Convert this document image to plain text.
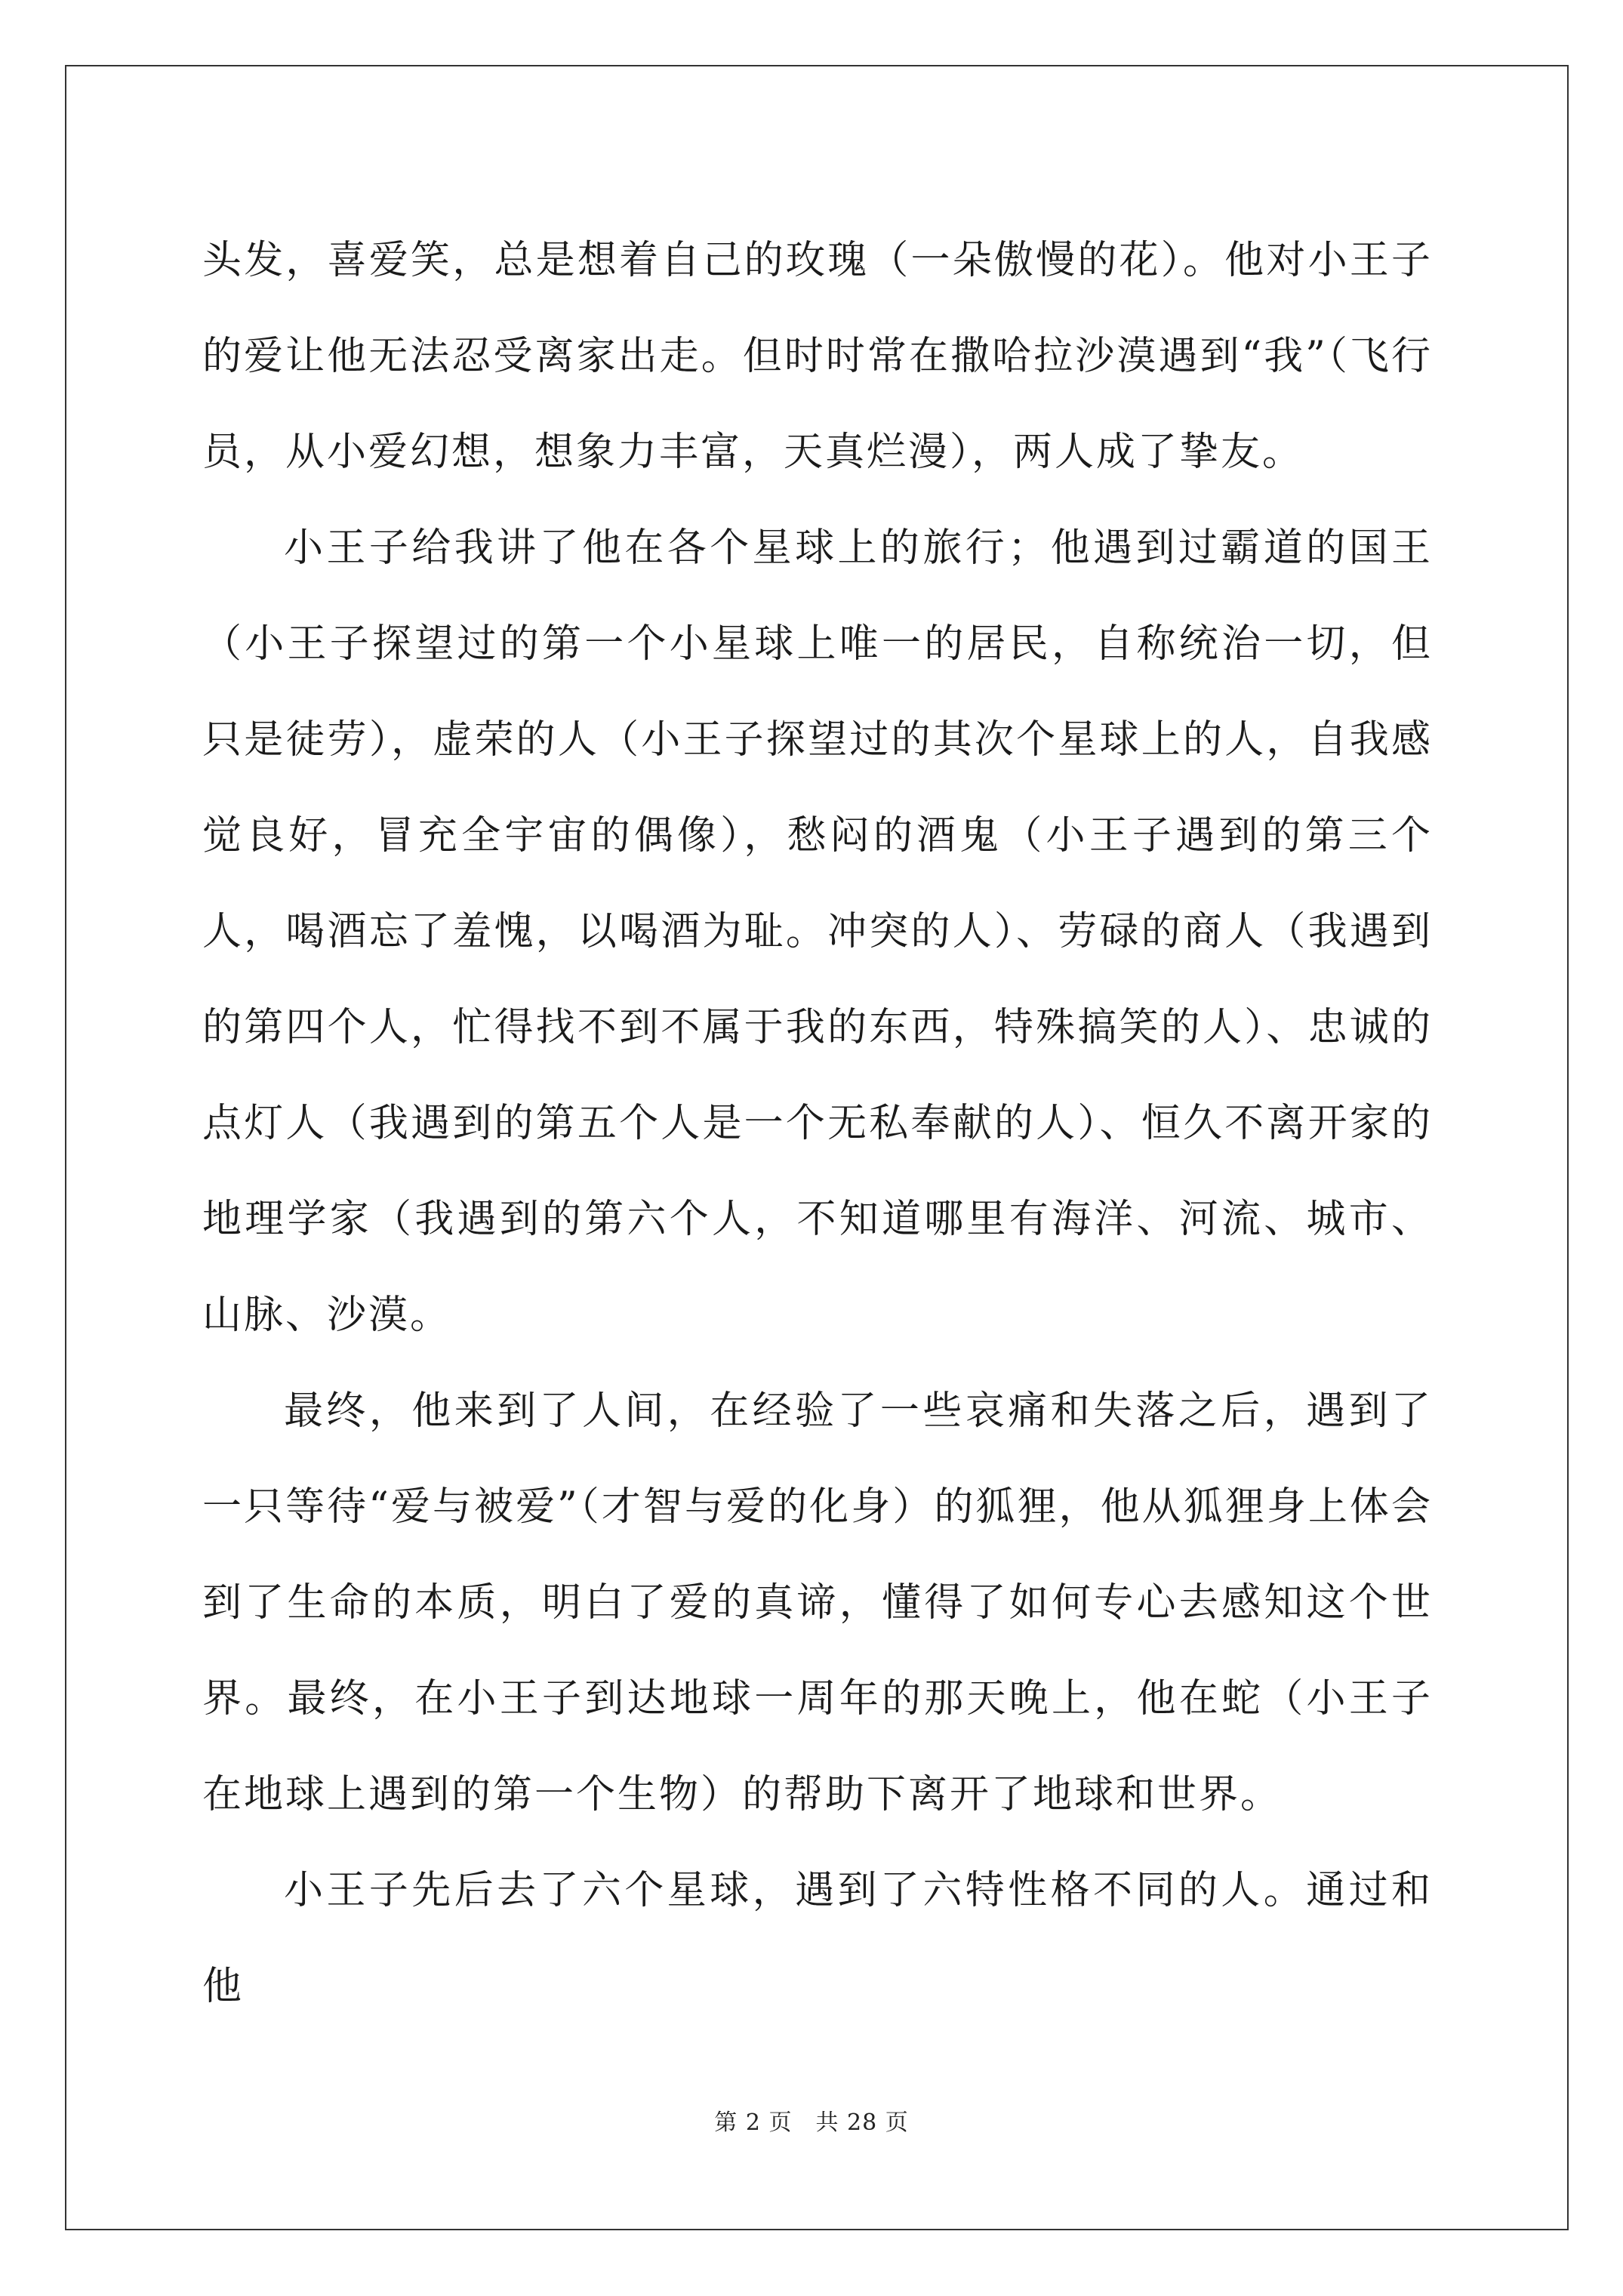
头发，喜爱笑，总是想着自己的玫瑰（一朵傲慢的花）。他对小王子的爱让他无法忍受离家出走。但时时常在撒哈拉沙漠遇到“我”（飞行员，从小爱幻想，想象力丰富，天真烂漫），两人成了挚友。

小王子给我讲了他在各个星球上的旅行；他遇到过霸道的国王（小王子探望过的第一个小星球上唯一的居民，自称统治一切，但只是徒劳），虚荣的人（小王子探望过的其次个星球上的人，自我感觉良好，冒充全宇宙的偶像），愁闷的酒鬼（小王子遇到的第三个人，喝酒忘了羞愧，以喝酒为耻。冲突的人）、劳碌的商人（我遇到的第四个人，忙得找不到不属于我的东西，特殊搞笑的人）、忠诚的点灯人（我遇到的第五个人是一个无私奉献的人）、恒久不离开家的地理学家（我遇到的第六个人，不知道哪里有海洋、河流、城市、山脉、沙漠。

最终，他来到了人间，在经验了一些哀痛和失落之后，遇到了一只等待“爱与被爱”（才智与爱的化身）的狐狸，他从狐狸身上体会到了生命的本质，明白了爱的真谛，懂得了如何专心去感知这个世界。最终，在小王子到达地球一周年的那天晚上，他在蛇（小王子在地球上遇到的第一个生物）的帮助下离开了地球和世界。

小王子先后去了六个星球，遇到了六特性格不同的人。通过和他

第 2 页　共 28 页
